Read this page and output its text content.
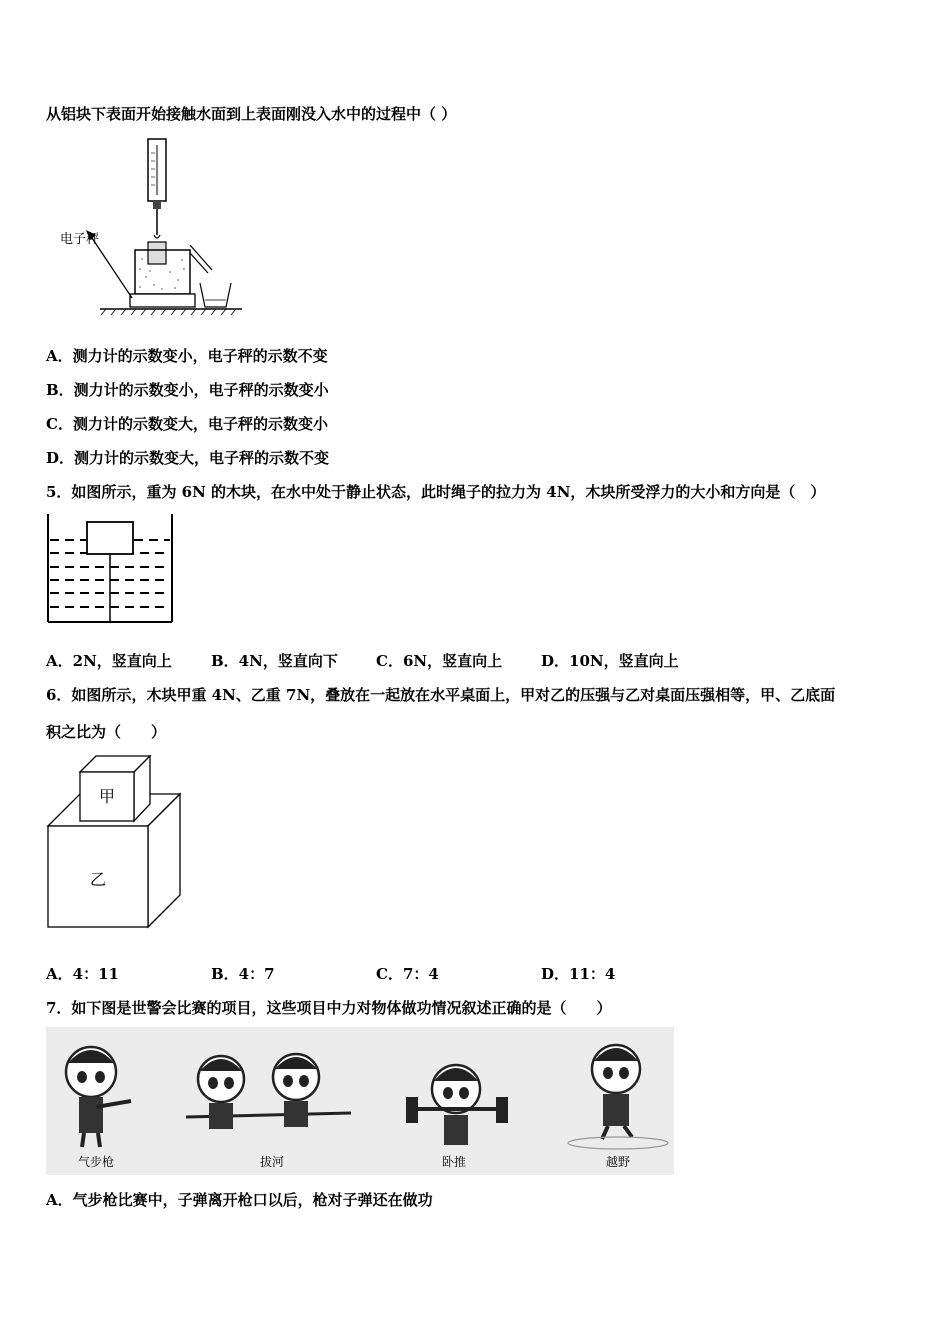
从铝块下表面开始接触水面到上表面刚没入水中的过程中（ ）
电子秤
A．测力计的示数变小，电子秤的示数不变
B．测力计的示数变小，电子秤的示数变小
C．测力计的示数变大，电子秤的示数变小
D．测力计的示数变大，电子秤的示数不变
5．如图所示，重为 6N 的木块，在水中处于静止状态，此时绳子的拉力为 4N，木块所受浮力的大小和方向是（　）
A．2N，竖直向上	B．4N，竖直向下	C．6N，竖直向上	D．10N，竖直向上
6．如图所示，木块甲重 4N、乙重 7N，叠放在一起放在水平桌面上，甲对乙的压强与乙对桌面压强相等，甲、乙底面
积之比为（　　）
乙
甲
A．4：11	B．4：7	C．7：4	D．11：4
7．如下图是世警会比赛的项目，这些项目中力对物体做功情况叙述正确的是（　　）
气步枪	拔河	卧推	越野
A．气步枪比赛中，子弹离开枪口以后，枪对子弹还在做功
